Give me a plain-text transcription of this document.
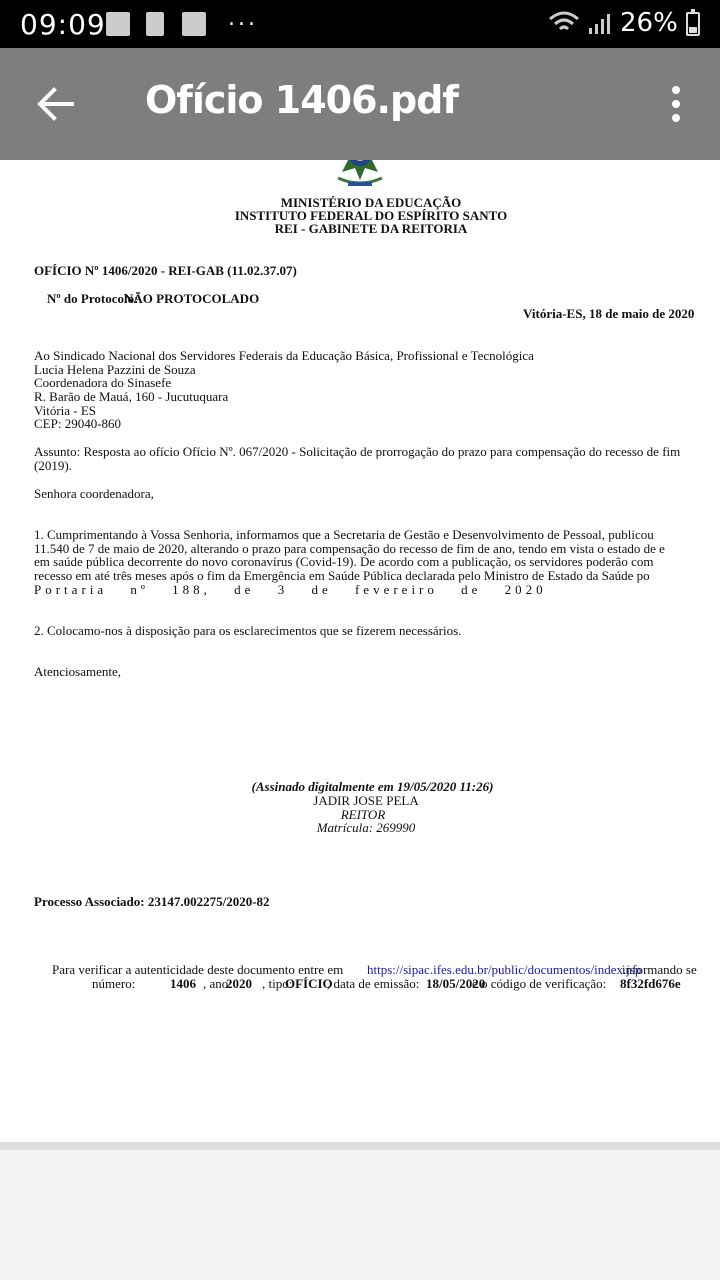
09:09	...	26%
Ofício 1406.pdf
MINISTÉRIO DA EDUCAÇÃO
INSTITUTO FEDERAL DO ESPÍRITO SANTO
REI - GABINETE DA REITORIA
OFÍCIO Nº 1406/2020 - REI-GAB (11.02.37.07)
Nº do Protocolo:
NÃO PROTOCOLADO
Vitória-ES, 18 de maio de 2020
Ao Sindicado Nacional dos Servidores Federais da Educação Básica, Profissional e Tecnológica
Lucia Helena Pazzini de Souza
Coordenadora do Sinasefe
R. Barão de Mauá, 160 - Jucutuquara
Vitória - ES
CEP: 29040-860
Assunto: Resposta ao ofício Ofício Nº. 067/2020 - Solicitação de prorrogação do prazo para compensação do recesso de fim
(2019).
Senhora coordenadora,
1. Cumprimentando à Vossa Senhoria, informamos que a Secretaria de Gestão e Desenvolvimento de Pessoal, publicou
11.540 de 7 de maio de 2020, alterando o prazo para compensação do recesso de fim de ano, tendo em vista o estado de e
em saúde pública decorrente do novo coronavírus (Covid-19). De acordo com a publicação, os servidores poderão com
recesso em até três meses após o fim da Emergência em Saúde Pública declarada pelo Ministro de Estado da Saúde po
Portaria nº 188, de 3 de fevereiro de 2020
2. Colocamo-nos à disposição para os esclarecimentos que se fizerem necessários.
Atenciosamente,
(Assinado digitalmente em 19/05/2020 11:26)
JADIR JOSE PELA
REITOR
Matrícula: 269990
Processo Associado: 23147.002275/2020-82
Para verificar a autenticidade deste documento entre em https://sipac.ifes.edu.br/public/documentos/index.jsp
informando se
número:	1406 , ano:
2020 , tipo:
OFÍCIO
, data de emissão: 18/05/2020
e o código de verificação: 8f32fd676e
